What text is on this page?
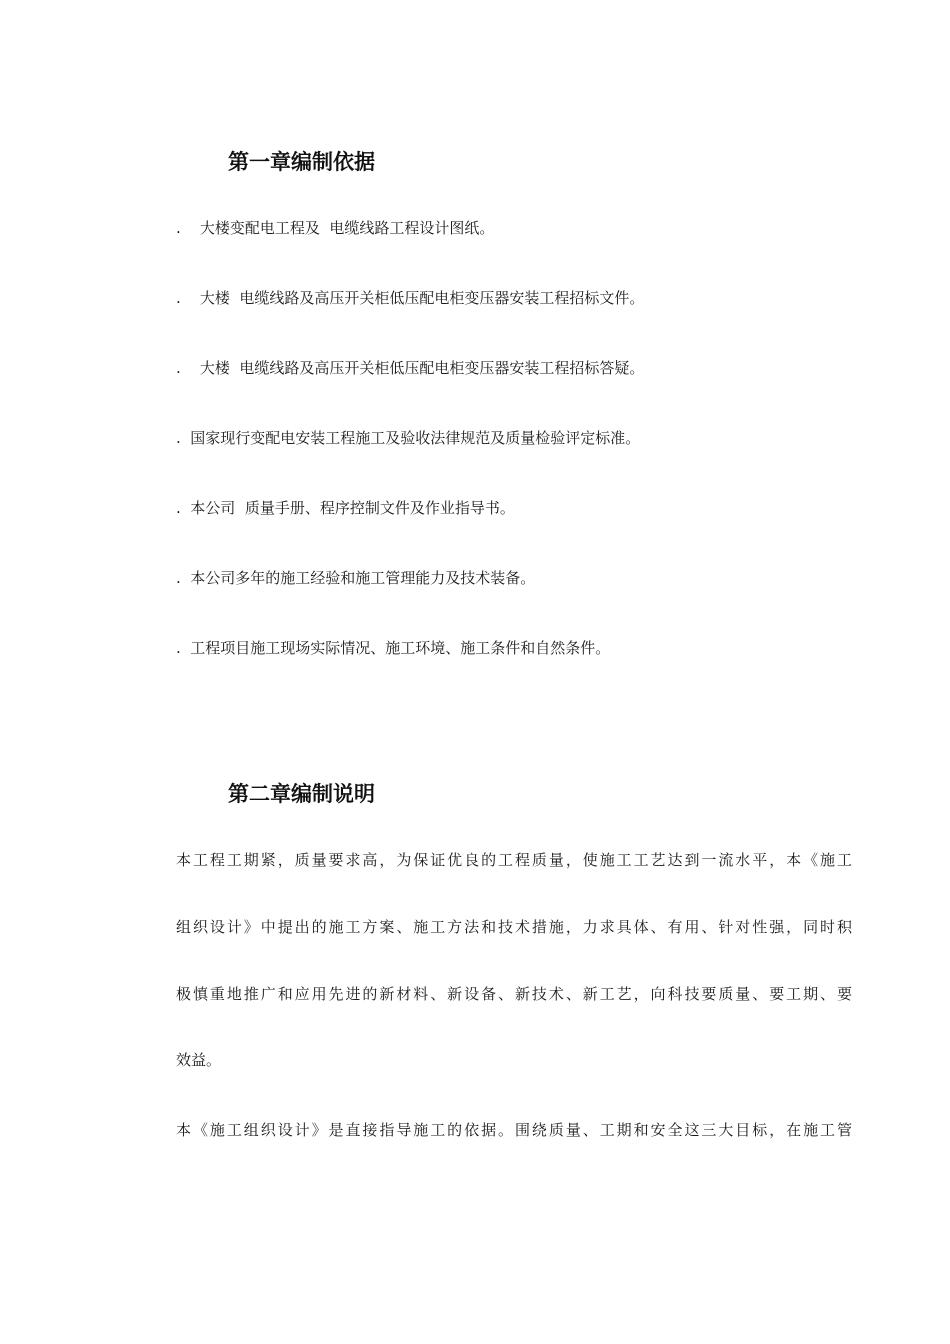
第一章编制依据
.    大楼变配电工程及  电缆线路工程设计图纸。
.    大楼  电缆线路及高压开关柜低压配电柜变压器安装工程招标文件。
.    大楼  电缆线路及高压开关柜低压配电柜变压器安装工程招标答疑。
.  国家现行变配电安装工程施工及验收法律规范及质量检验评定标准。
.  本公司  质量手册、程序控制文件及作业指导书。
.  本公司多年的施工经验和施工管理能力及技术装备。
.  工程项目施工现场实际情况、施工环境、施工条件和自然条件。
第二章编制说明
本工程工期紧，质量要求高，为保证优良的工程质量，使施工工艺达到一流水平，本《施工
组织设计》中提出的施工方案、施工方法和技术措施，力求具体、有用、针对性强，同时积
极慎重地推广和应用先进的新材料、新设备、新技术、新工艺，向科技要质量、要工期、要
效益。
本《施工组织设计》是直接指导施工的依据。围绕质量、工期和安全这三大目标，在施工管
